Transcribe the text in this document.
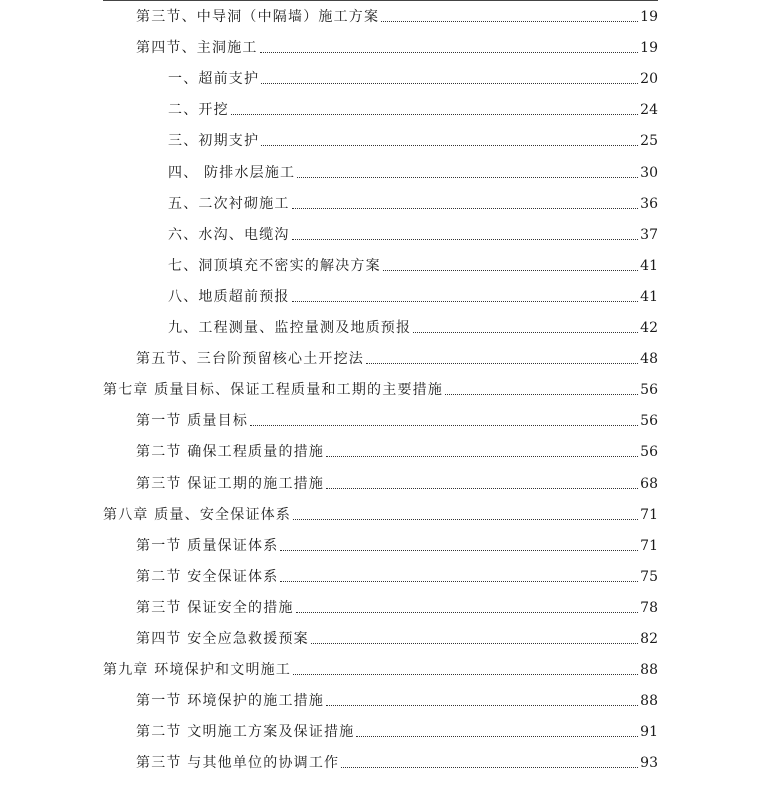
第三节、中导洞（中隔墙）施工方案	19
第四节、主洞施工	19
一、超前支护	20
二、开挖	24
三、初期支护	25
四、 防排水层施工	30
五、二次衬砌施工	36
六、水沟、电缆沟	37
七、洞顶填充不密实的解决方案	41
八、地质超前预报	41
九、工程测量、监控量测及地质预报	42
第五节、三台阶预留核心土开挖法	48
第七章 质量目标、保证工程质量和工期的主要措施	56
第一节 质量目标	56
第二节 确保工程质量的措施	56
第三节 保证工期的施工措施	68
第八章 质量、安全保证体系	71
第一节 质量保证体系	71
第二节 安全保证体系	75
第三节 保证安全的措施	78
第四节 安全应急救援预案	82
第九章 环境保护和文明施工	88
第一节 环境保护的施工措施	88
第二节 文明施工方案及保证措施	91
第三节 与其他单位的协调工作	93
